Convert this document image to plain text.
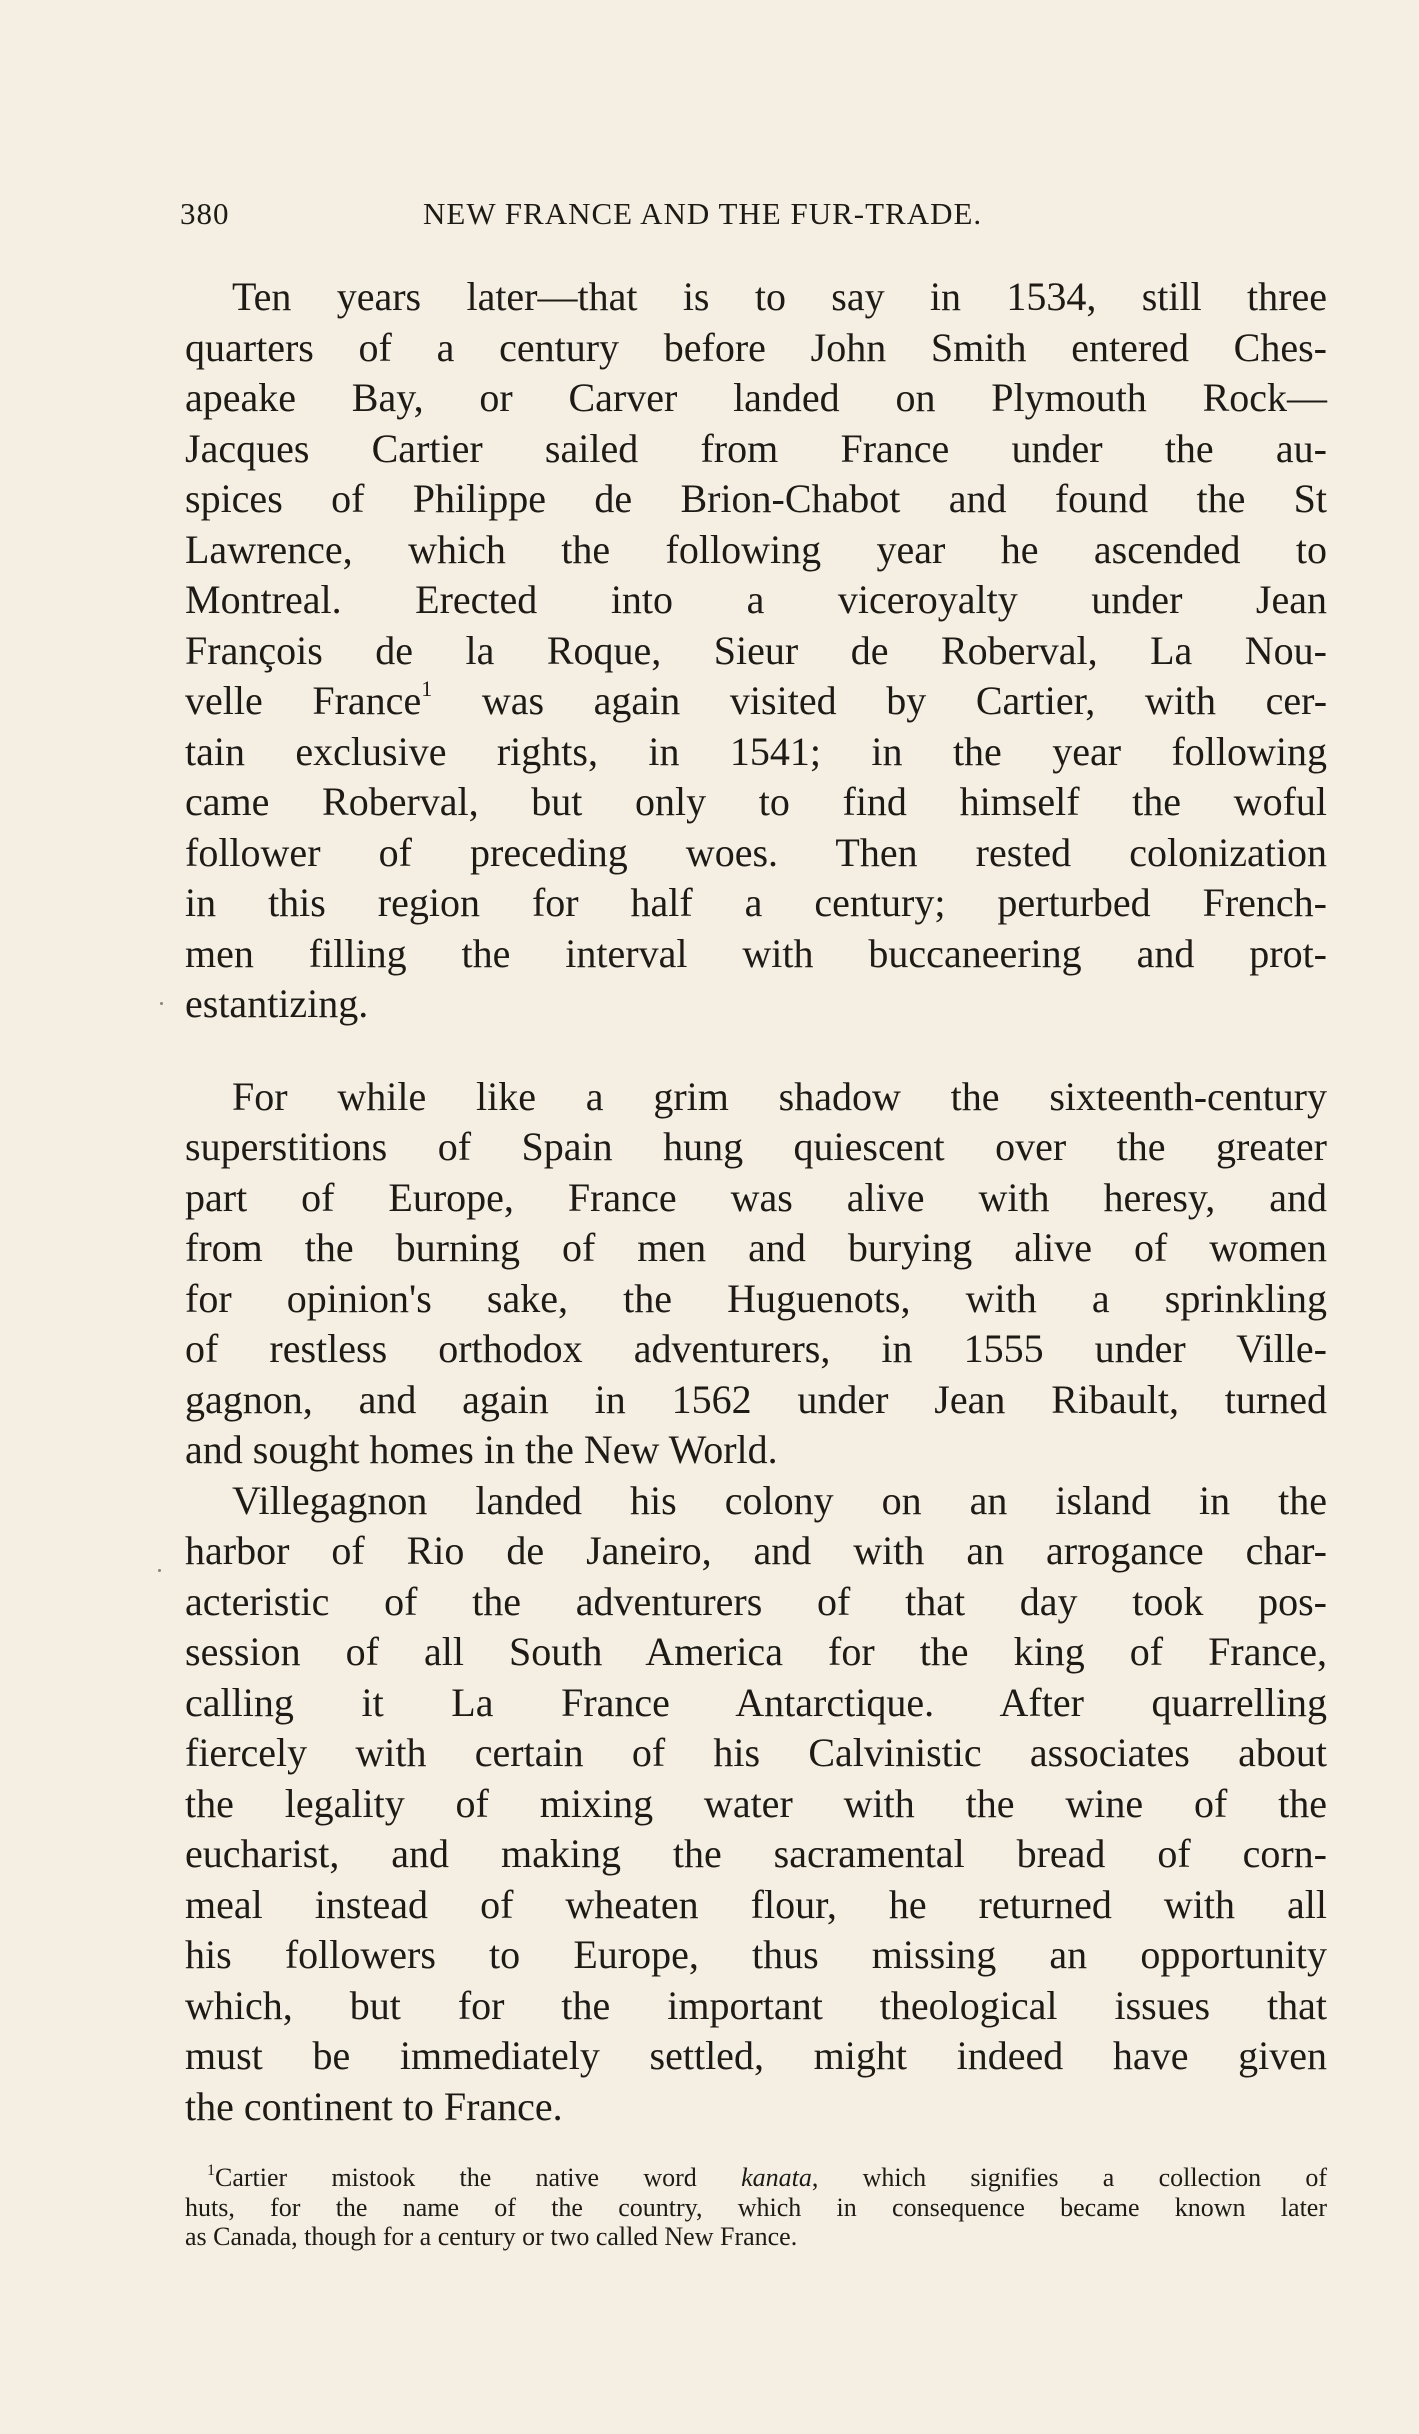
380	NEW FRANCE AND THE FUR-TRADE.
Ten years later—that is to say in 1534, still three
quarters of a century before John Smith entered Ches-
apeake Bay, or Carver landed on Plymouth Rock—
Jacques Cartier sailed from France under the au-
spices of Philippe de Brion-Chabot and found the St
Lawrence, which the following year he ascended to
Montreal. Erected into a viceroyalty under Jean
François de la Roque, Sieur de Roberval, La Nou-
velle France$^1$ was again visited by Cartier, with cer-
tain exclusive rights, in 1541; in the year following
came Roberval, but only to find himself the woful
follower of preceding woes. Then rested colonization
in this region for half a century; perturbed French-
men filling the interval with buccaneering and prot-
estantizing.
For while like a grim shadow the sixteenth-century
superstitions of Spain hung quiescent over the greater
part of Europe, France was alive with heresy, and
from the burning of men and burying alive of women
for opinion's sake, the Huguenots, with a sprinkling
of restless orthodox adventurers, in 1555 under Ville-
gagnon, and again in 1562 under Jean Ribault, turned
and sought homes in the New World.
Villegagnon landed his colony on an island in the
harbor of Rio de Janeiro, and with an arrogance char-
acteristic of the adventurers of that day took pos-
session of all South America for the king of France,
calling it La France Antarctique. After quarrelling
fiercely with certain of his Calvinistic associates about
the legality of mixing water with the wine of the
eucharist, and making the sacramental bread of corn-
meal instead of wheaten flour, he returned with all
his followers to Europe, thus missing an opportunity
which, but for the important theological issues that
must be immediately settled, might indeed have given
the continent to France.
$^1$Cartier mistook the native word kanata, which signifies a collection of
huts, for the name of the country, which in consequence became known later
as Canada, though for a century or two called New France.
